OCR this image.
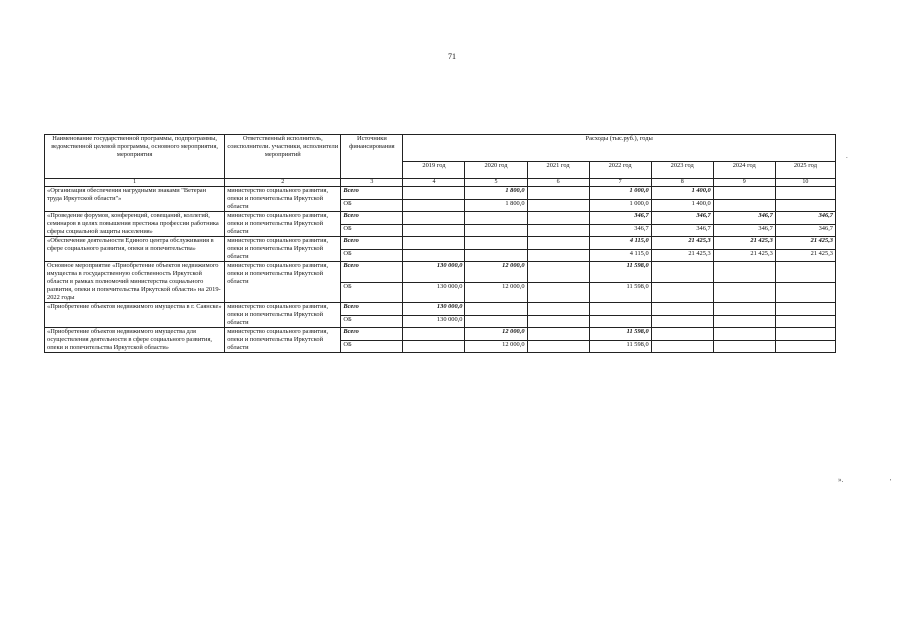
71
Наименование государственной программы, подпрограммы, ведомственной целевой программы, основного мероприятия, мероприятия	Ответственный исполнитель, соисполнители. участники, исполнители мероприятий	Источники финансирования	Расходы (тыс.руб.), годы						
			2019 год	2020 год	2021 год	2022 год	2023 год	2024 год	2025 год
1	2	3	4	5	6	7	8	9	10
«Организация обеспечения нагрудными знаками "Ветеран труда Иркутской области"»	министерство социального развития, опеки и попечительства Иркутской области	Всего		1 800,0		1 000,0	1 400,0		
		ОБ		1 800,0		1 000,0	1 400,0		
«Проведение форумов, конференций, совещаний, коллегий, семинаров в целях повышения престижа профессии работника сферы социальной защиты населения»	министерство социального развития, опеки и попечительства Иркутской области	Всего				346,7	346,7	346,7	346,7
		ОБ				346,7	346,7	346,7	346,7
«Обеспечение деятельности Единого центра обслуживания в сфере социального развития, опеки и попечительства»	министерство социального развития, опеки и попечительства Иркутской области	Всего				4 115,0	21 425,3	21 425,3	21 425,3
		ОБ				4 115,0	21 425,3	21 425,3	21 425,3
Основное мероприятие «Приобретение объектов недвижимого имущества в государственную собственность Иркутской области в рамках полномочий министерства социального развития, опеки и попечительства Иркутской области» на 2019-2022 годы	министерство социального развития, опеки и попечительства Иркутской области	Всего	130 000,0	12 000,0		11 598,0			
		ОБ	130 000,0	12 000,0		11 598,0			
«Приобретение объектов недвижимого имущества в г. Саянске»	министерство социального развития, опеки и попечительства Иркутской области	Всего	130 000,0						
		ОБ	130 000,0						
«Приобретение объектов недвижимого имущества для осуществления деятельности в сфере социального развития, опеки и попечительства Иркутской области»	министерство социального развития, опеки и попечительства Иркутской области	Всего		12 000,0		11 598,0			
		ОБ		12 000,0		11 598,0			
».
.
'
